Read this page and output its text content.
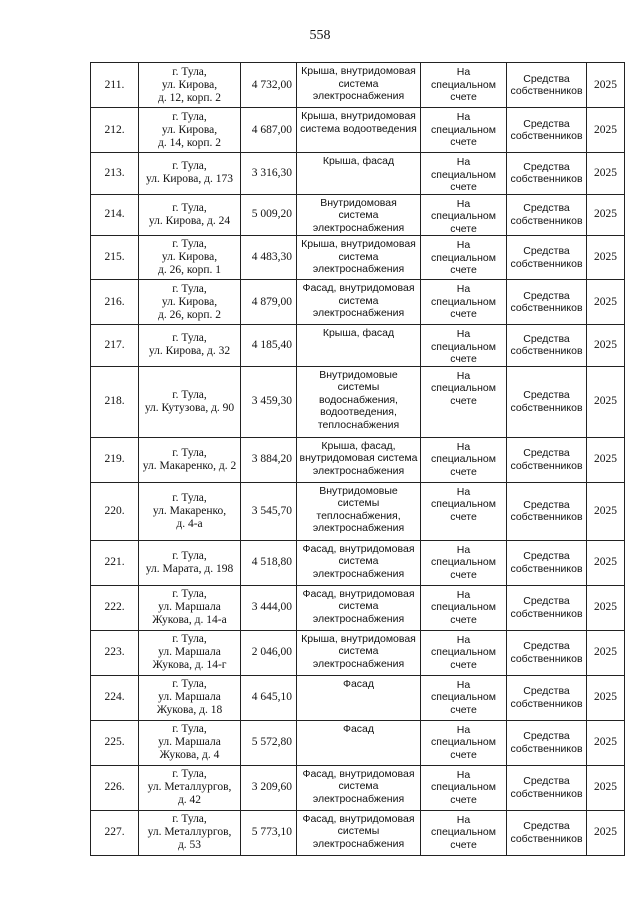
558
211.	г. Тула,
ул. Кирова,
д. 12, корп. 2	4 732,00	Крыша, внутридомовая
система
электроснабжения	На специальном
счете	Средства
собственников	2025
212.	г. Тула,
ул. Кирова,
д. 14, корп. 2	4 687,00	Крыша, внутридомовая
система водоотведения	На специальном
счете	Средства
собственников	2025
213.	г. Тула,
ул. Кирова, д. 173	3 316,30	Крыша, фасад	На специальном
счете	Средства
собственников	2025
214.	г. Тула,
ул. Кирова, д. 24	5 009,20	Внутридомовая система
электроснабжения	На специальном
счете	Средства
собственников	2025
215.	г. Тула,
ул. Кирова,
д. 26, корп. 1	4 483,30	Крыша, внутридомовая
система
электроснабжения	На специальном
счете	Средства
собственников	2025
216.	г. Тула,
ул. Кирова,
д. 26, корп. 2	4 879,00	Фасад, внутридомовая
система
электроснабжения	На специальном
счете	Средства
собственников	2025
217.	г. Тула,
ул. Кирова, д. 32	4 185,40	Крыша, фасад	На специальном
счете	Средства
собственников	2025
218.	г. Тула,
ул. Кутузова, д. 90	3 459,30	Внутридомовые
системы
водоснабжения,
водоотведения,
теплоснабжения	На специальном
счете	Средства
собственников	2025
219.	г. Тула,
ул. Макаренко, д. 2	3 884,20	Крыша, фасад,
внутридомовая система
электроснабжения	На специальном
счете	Средства
собственников	2025
220.	г. Тула,
ул. Макаренко,
д. 4-а	3 545,70	Внутридомовые
системы
теплоснабжения,
электроснабжения	На специальном
счете	Средства
собственников	2025
221.	г. Тула,
ул. Марата, д. 198	4 518,80	Фасад, внутридомовая
система
электроснабжения	На специальном
счете	Средства
собственников	2025
222.	г. Тула,
ул. Маршала
Жукова, д. 14-а	3 444,00	Фасад, внутридомовая
система
электроснабжения	На специальном
счете	Средства
собственников	2025
223.	г. Тула,
ул. Маршала
Жукова, д. 14-г	2 046,00	Крыша, внутридомовая
система
электроснабжения	На специальном
счете	Средства
собственников	2025
224.	г. Тула,
ул. Маршала
Жукова, д. 18	4 645,10	Фасад	На специальном
счете	Средства
собственников	2025
225.	г. Тула,
ул. Маршала
Жукова, д. 4	5 572,80	Фасад	На специальном
счете	Средства
собственников	2025
226.	г. Тула,
ул. Металлургов,
д. 42	3 209,60	Фасад, внутридомовая
система
электроснабжения	На специальном
счете	Средства
собственников	2025
227.	г. Тула,
ул. Металлургов,
д. 53	5 773,10	Фасад, внутридомовая
системы
электроснабжения	На специальном
счете	Средства
собственников	2025
